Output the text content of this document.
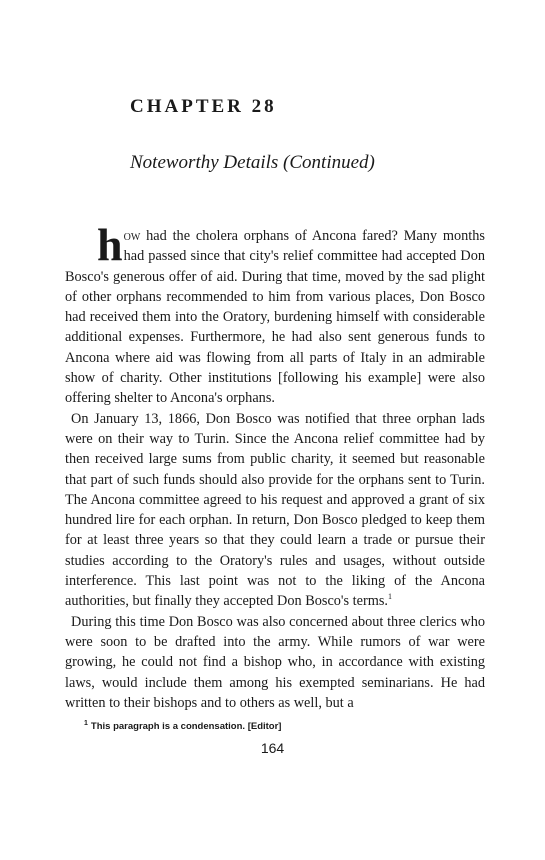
CHAPTER 28
Noteworthy Details (Continued)

how had the cholera orphans of Ancona fared? Many months had passed since that city's relief committee had accepted Don Bosco's generous offer of aid. During that time, moved by the sad plight of other orphans recommended to him from various places, Don Bosco had received them into the Oratory, burdening himself with considerable additional expenses. Furthermore, he had also sent generous funds to Ancona where aid was flowing from all parts of Italy in an admirable show of charity. Other institutions [following his example] were also offering shelter to Ancona's orphans.

On January 13, 1866, Don Bosco was notified that three orphan lads were on their way to Turin. Since the Ancona relief committee had by then received large sums from public charity, it seemed but reasonable that part of such funds should also provide for the orphans sent to Turin. The Ancona committee agreed to his request and approved a grant of six hundred lire for each orphan. In return, Don Bosco pledged to keep them for at least three years so that they could learn a trade or pursue their studies according to the Oratory's rules and usages, without outside interference. This last point was not to the liking of the Ancona authorities, but finally they accepted Don Bosco's terms.$^1$

During this time Don Bosco was also concerned about three clerics who were soon to be drafted into the army. While rumors of war were growing, he could not find a bishop who, in accordance with existing laws, would include them among his exempted seminarians. He had written to their bishops and to others as well, but a

$^1$ This paragraph is a condensation. [Editor]

164
